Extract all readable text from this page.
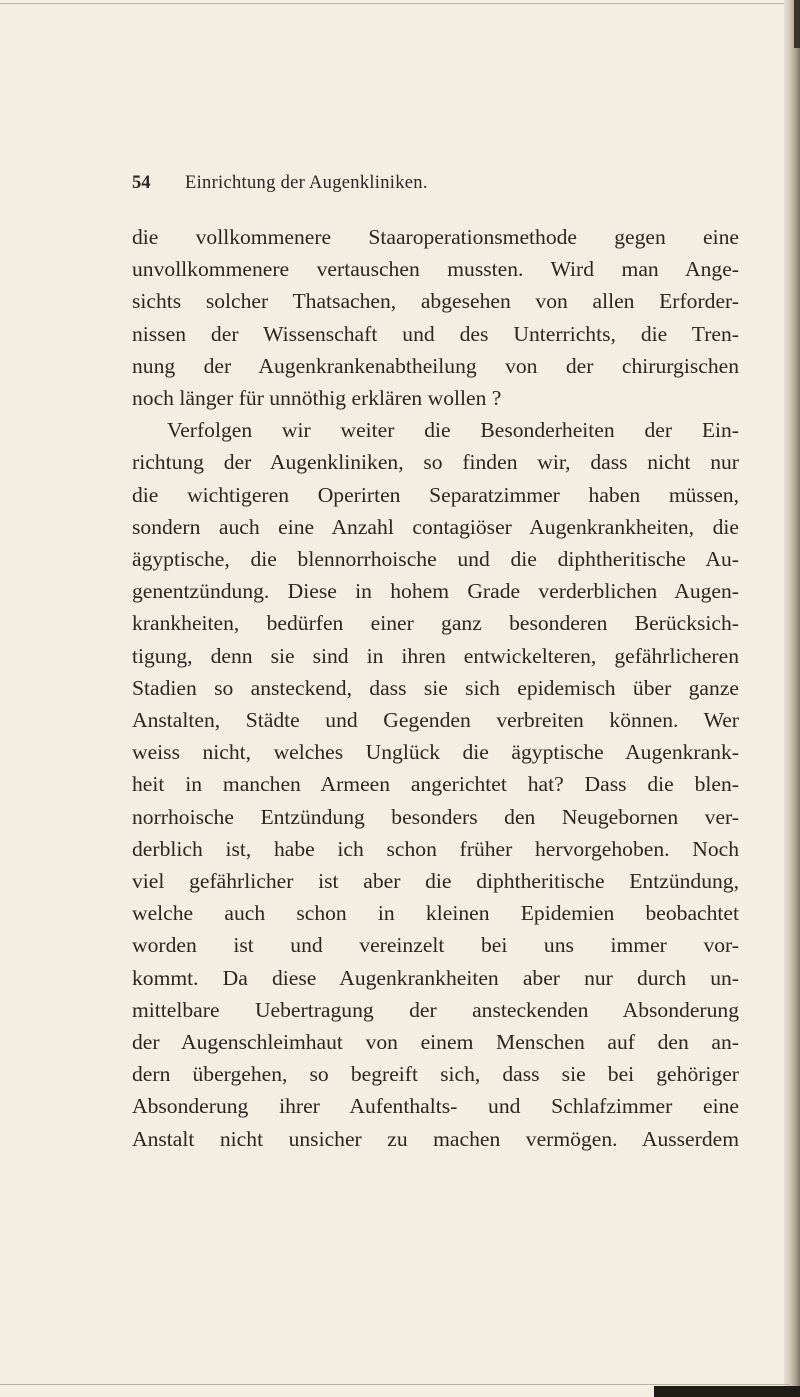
54 Einrichtung der Augenkliniken.
die vollkommenere Staaroperationsmethode gegen eine
unvollkommenere vertauschen mussten. Wird man Ange-
sichts solcher Thatsachen, abgesehen von allen Erforder-
nissen der Wissenschaft und des Unterrichts, die Tren-
nung der Augenkrankenabtheilung von der chirurgischen
noch länger für unnöthig erklären wollen ?
Verfolgen wir weiter die Besonderheiten der Ein-
richtung der Augenkliniken, so finden wir, dass nicht nur
die wichtigeren Operirten Separatzimmer haben müssen,
sondern auch eine Anzahl contagiöser Augenkrankheiten, die
ägyptische, die blennorrhoische und die diphtheritische Au-
genentzündung. Diese in hohem Grade verderblichen Augen-
krankheiten, bedürfen einer ganz besonderen Berücksich-
tigung, denn sie sind in ihren entwickelteren, gefährlicheren
Stadien so ansteckend, dass sie sich epidemisch über ganze
Anstalten, Städte und Gegenden verbreiten können. Wer
weiss nicht, welches Unglück die ägyptische Augenkrank-
heit in manchen Armeen angerichtet hat? Dass die blen-
norrhoische Entzündung besonders den Neugebornen ver-
derblich ist, habe ich schon früher hervorgehoben. Noch
viel gefährlicher ist aber die diphtheritische Entzündung,
welche auch schon in kleinen Epidemien beobachtet
worden ist und vereinzelt bei uns immer vor-
kommt. Da diese Augenkrankheiten aber nur durch un-
mittelbare Uebertragung der ansteckenden Absonderung
der Augenschleimhaut von einem Menschen auf den an-
dern übergehen, so begreift sich, dass sie bei gehöriger
Absonderung ihrer Aufenthalts- und Schlafzimmer eine
Anstalt nicht unsicher zu machen vermögen. Ausserdem
